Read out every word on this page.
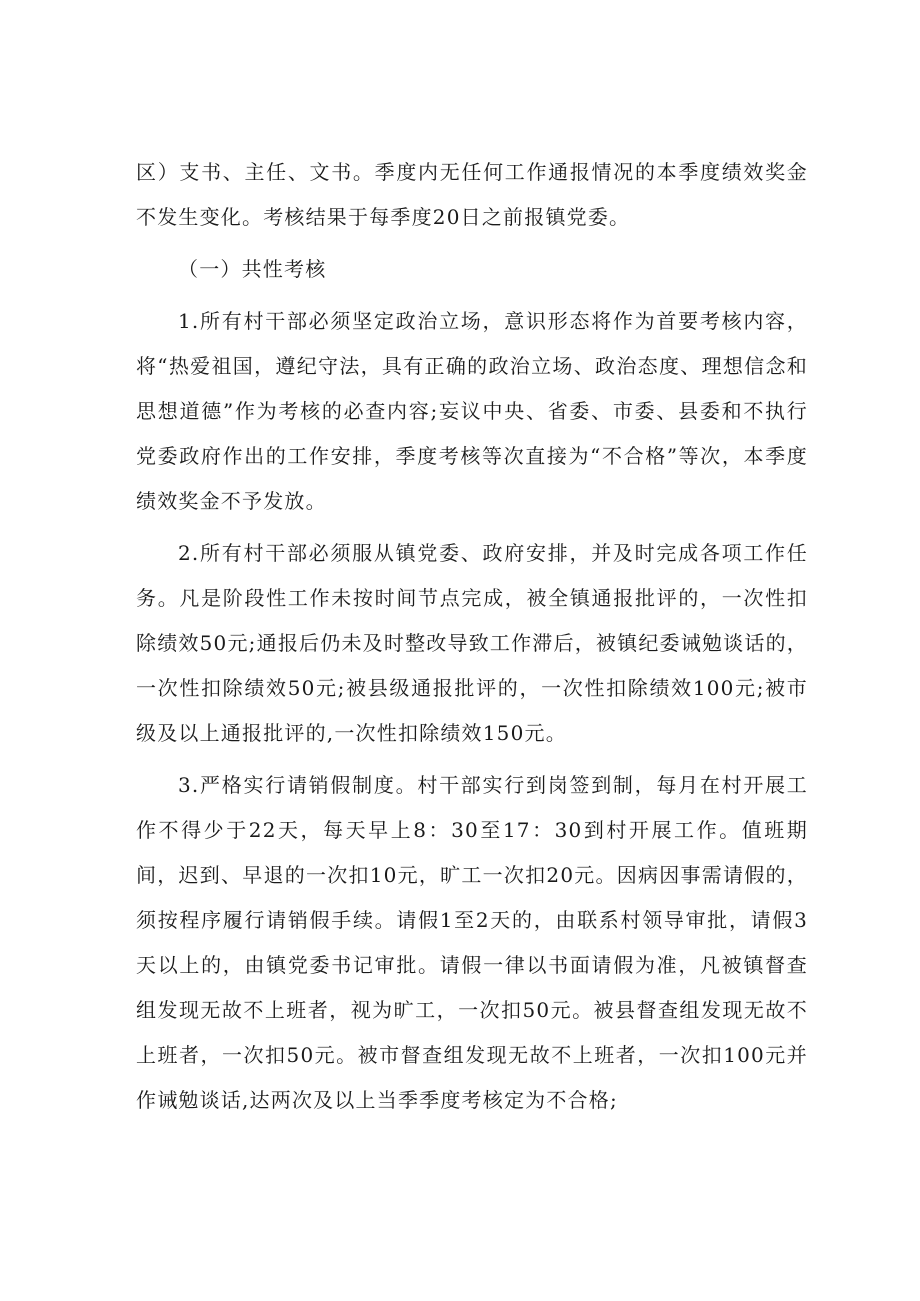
区）支书、主任、文书。季度内无任何工作通报情况的本季度绩效奖金不发生变化。考核结果于每季度20日之前报镇党委。

（一）共性考核

1.所有村干部必须坚定政治立场，意识形态将作为首要考核内容，将“热爱祖国，遵纪守法，具有正确的政治立场、政治态度、理想信念和思想道德”作为考核的必查内容;妄议中央、省委、市委、县委和不执行党委政府作出的工作安排，季度考核等次直接为“不合格”等次，本季度绩效奖金不予发放。

2.所有村干部必须服从镇党委、政府安排，并及时完成各项工作任务。凡是阶段性工作未按时间节点完成，被全镇通报批评的，一次性扣除绩效50元;通报后仍未及时整改导致工作滞后，被镇纪委诫勉谈话的，一次性扣除绩效50元;被县级通报批评的，一次性扣除绩效100元;被市级及以上通报批评的,一次性扣除绩效150元。

3.严格实行请销假制度。村干部实行到岗签到制，每月在村开展工作不得少于22天，每天早上8：30至17：30到村开展工作。值班期间，迟到、早退的一次扣10元，旷工一次扣20元。因病因事需请假的，须按程序履行请销假手续。请假1至2天的，由联系村领导审批，请假3天以上的，由镇党委书记审批。请假一律以书面请假为准，凡被镇督查组发现无故不上班者，视为旷工，一次扣50元。被县督查组发现无故不上班者，一次扣50元。被市督查组发现无故不上班者，一次扣100元并作诫勉谈话,达两次及以上当季季度考核定为不合格;
